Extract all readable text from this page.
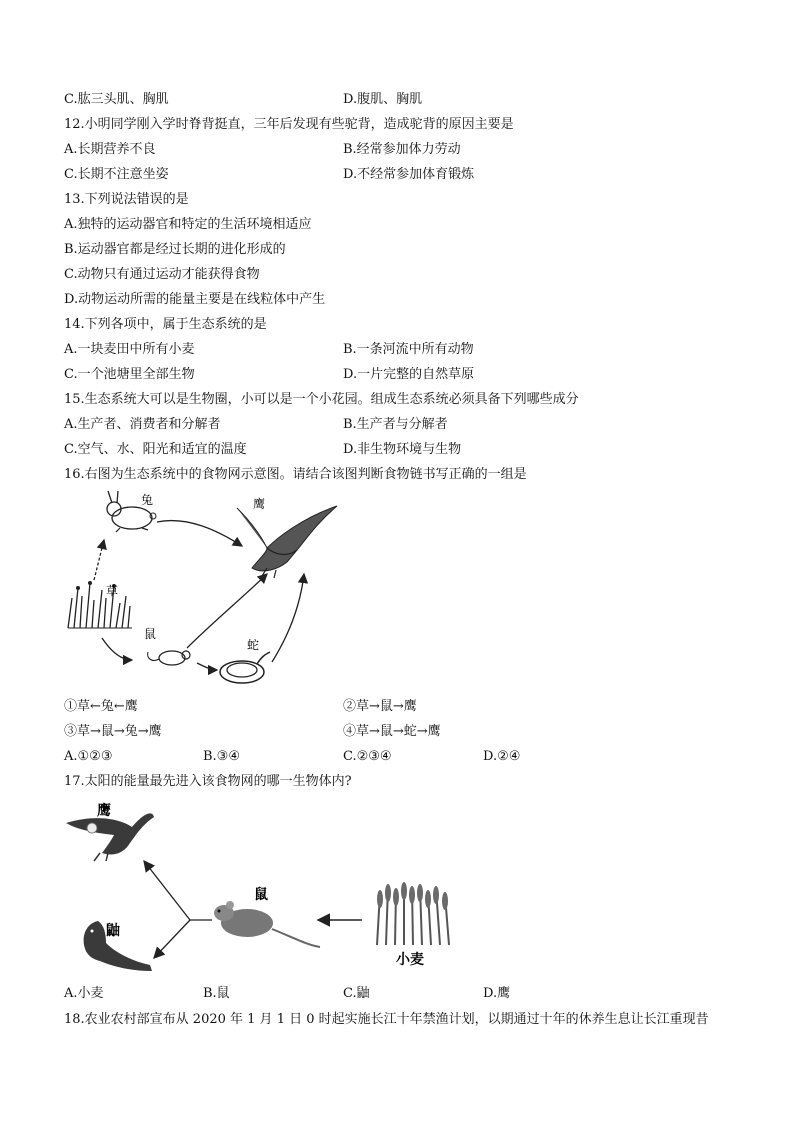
C.肱三头肌、胸肌	D.腹肌、胸肌
12.小明同学刚入学时脊背挺直，三年后发现有些驼背，造成驼背的原因主要是
A.长期营养不良	B.经常参加体力劳动
C.长期不注意坐姿	D.不经常参加体育锻炼
13.下列说法错误的是
A.独特的运动器官和特定的生活环境相适应
B.运动器官都是经过长期的进化形成的
C.动物只有通过运动才能获得食物
D.动物运动所需的能量主要是在线粒体中产生
14.下列各项中，属于生态系统的是
A.一块麦田中所有小麦	B.一条河流中所有动物
C.一个池塘里全部生物	D.一片完整的自然草原
15.生态系统大可以是生物圈，小可以是一个小花园。组成生态系统必须具备下列哪些成分
A.生产者、消费者和分解者	B.生产者与分解者
C.空气、水、阳光和适宜的温度	D.非生物环境与生物
16.右图为生态系统中的食物网示意图。请结合该图判断食物链书写正确的一组是
兔	鹰
草
鼠
蛇
①草←兔←鹰	②草→鼠→鹰
③草→鼠→兔→鹰	④草→鼠→蛇→鹰
A.①②③	B.③④	C.②③④	D.②④
17.太阳的能量最先进入该食物网的哪一生物体内?
鹰
鼬
鼠
小麦
A.小麦	B.鼠	C.鼬	D.鹰
18.农业农村部宣布从 2020 年 1 月 1 日 0 时起实施长江十年禁渔计划，以期通过十年的休养生息让长江重现昔
